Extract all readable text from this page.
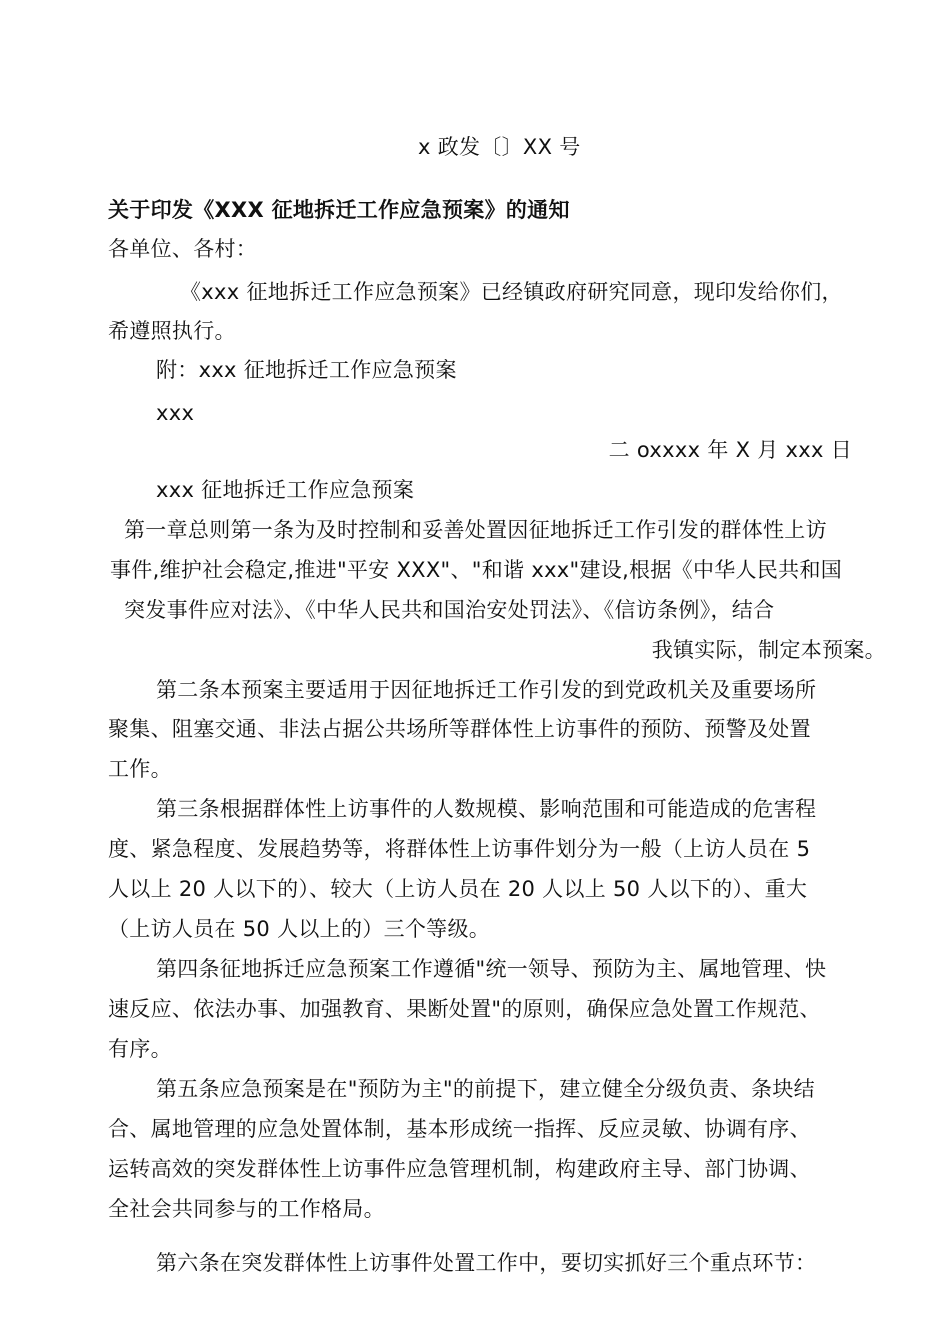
x 政发〔〕XX 号
关于印发《XXX 征地拆迁工作应急预案》的通知
各单位、各村：
《xxx 征地拆迁工作应急预案》已经镇政府研究同意，现印发给你们，
希遵照执行。
附：xxx 征地拆迁工作应急预案
xxx
二 oxxxx 年 X 月 xxx 日
xxx 征地拆迁工作应急预案
第一章总则第一条为及时控制和妥善处置因征地拆迁工作引发的群体性上访
事件,维护社会稳定,推进"平安 XXX"、"和谐 xxx"建设,根据《中华人民共和国
突发事件应对法》、《中华人民共和国治安处罚法》、《信访条例》，结合
我镇实际，制定本预案。
第二条本预案主要适用于因征地拆迁工作引发的到党政机关及重要场所
聚集、阻塞交通、非法占据公共场所等群体性上访事件的预防、预警及处置
工作。
第三条根据群体性上访事件的人数规模、影响范围和可能造成的危害程
度、紧急程度、发展趋势等，将群体性上访事件划分为一般（上访人员在 5
人以上 20 人以下的）、较大（上访人员在 20 人以上 50 人以下的）、重大
（上访人员在 50 人以上的）三个等级。
第四条征地拆迁应急预案工作遵循"统一领导、预防为主、属地管理、快
速反应、依法办事、加强教育、果断处置"的原则，确保应急处置工作规范、
有序。
第五条应急预案是在"预防为主"的前提下，建立健全分级负责、条块结
合、属地管理的应急处置体制，基本形成统一指挥、反应灵敏、协调有序、
运转高效的突发群体性上访事件应急管理机制，构建政府主导、部门协调、
全社会共同参与的工作格局。
第六条在突发群体性上访事件处置工作中，要切实抓好三个重点环节：
